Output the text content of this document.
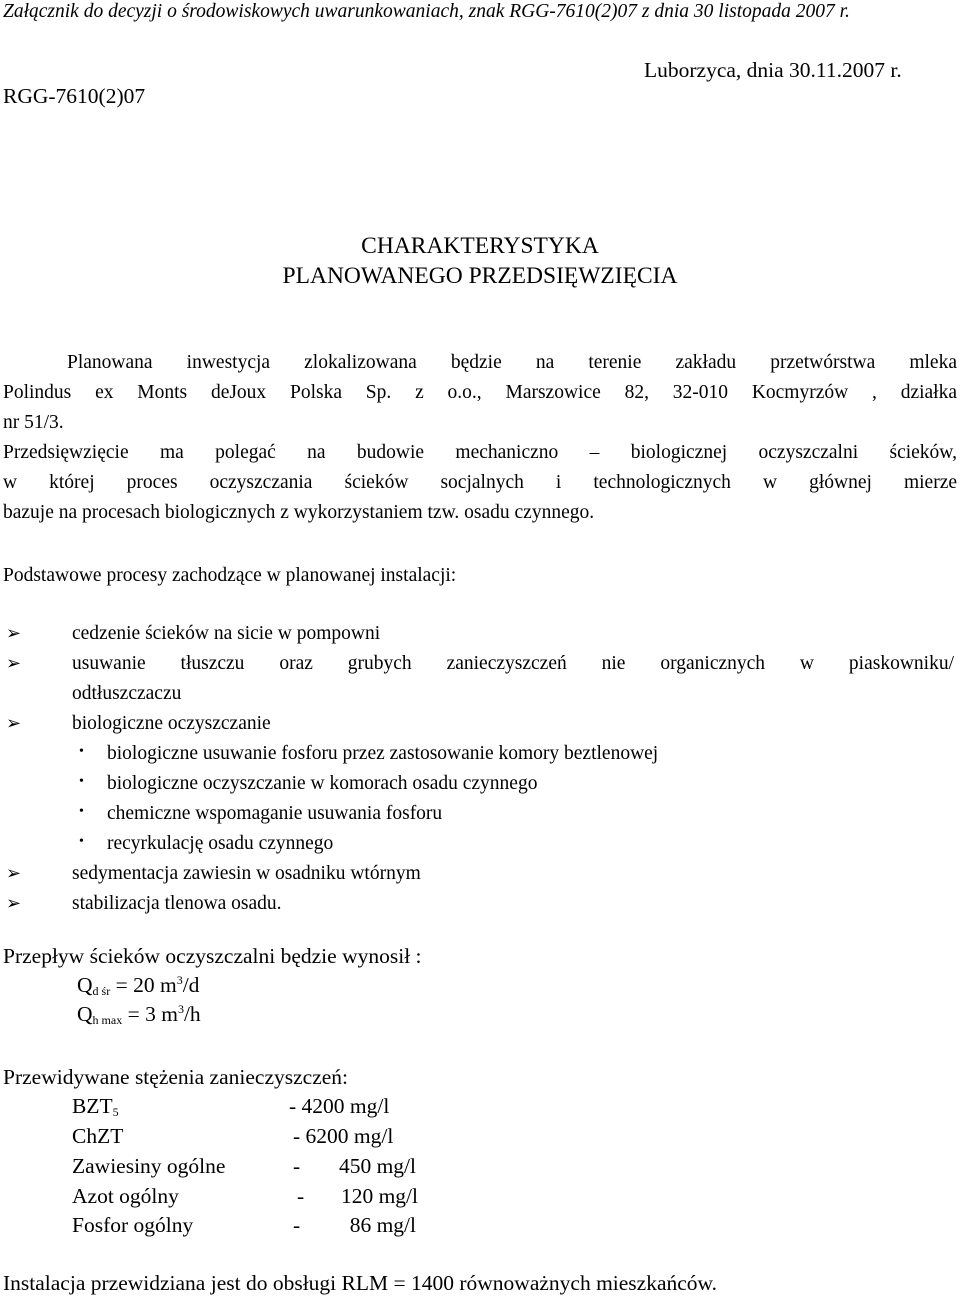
Załącznik do decyzji o środowiskowych uwarunkowaniach, znak RGG-7610(2)07 z dnia 30 listopada 2007 r.
Luborzyca, dnia 30.11.2007 r.
RGG-7610(2)07
CHARAKTERYSTYKA
PLANOWANEGO PRZEDSIĘWZIĘCIA
Planowana inwestycja zlokalizowana będzie na terenie zakładu przetwórstwa mleka
Polindus ex Monts deJoux Polska Sp. z o.o., Marszowice 82, 32-010 Kocmyrzów , działka
nr 51/3.
Przedsięwzięcie ma polegać na budowie mechaniczno – biologicznej oczyszczalni ścieków,
w której proces oczyszczania ścieków socjalnych i technologicznych w głównej mierze
bazuje na procesach biologicznych z wykorzystaniem tzw. osadu czynnego.
Podstawowe procesy zachodzące w planowanej instalacji:
➢	cedzenie ścieków na sicie w pompowni
➢	usuwanie tłuszczu oraz grubych zanieczyszczeń nie organicznych w piaskowniku/
odtłuszczaczu
➢	biologiczne oczyszczanie
• biologiczne usuwanie fosforu przez zastosowanie komory beztlenowej
• biologiczne oczyszczanie w komorach osadu czynnego
• chemiczne wspomaganie usuwania fosforu
• recyrkulację osadu czynnego
➢	sedymentacja zawiesin w osadniku wtórnym
➢	stabilizacja tlenowa osadu.
Przepływ ścieków oczyszczalni będzie wynosił :
$Q_{d śr} = 20$ $m^3/d$
$Q_{h max} = 3$ $m^3/h$
Przewidywane stężenia zanieczyszczeń:
$BZT_5$	- 4200 mg/l
ChZT	- 6200 mg/l
Zawiesiny ogólne	- 450 mg/l
Azot ogólny	- 120 mg/l
Fosfor ogólny	- 86 mg/l
Instalacja przewidziana jest do obsługi RLM = 1400 równoważnych mieszkańców.
